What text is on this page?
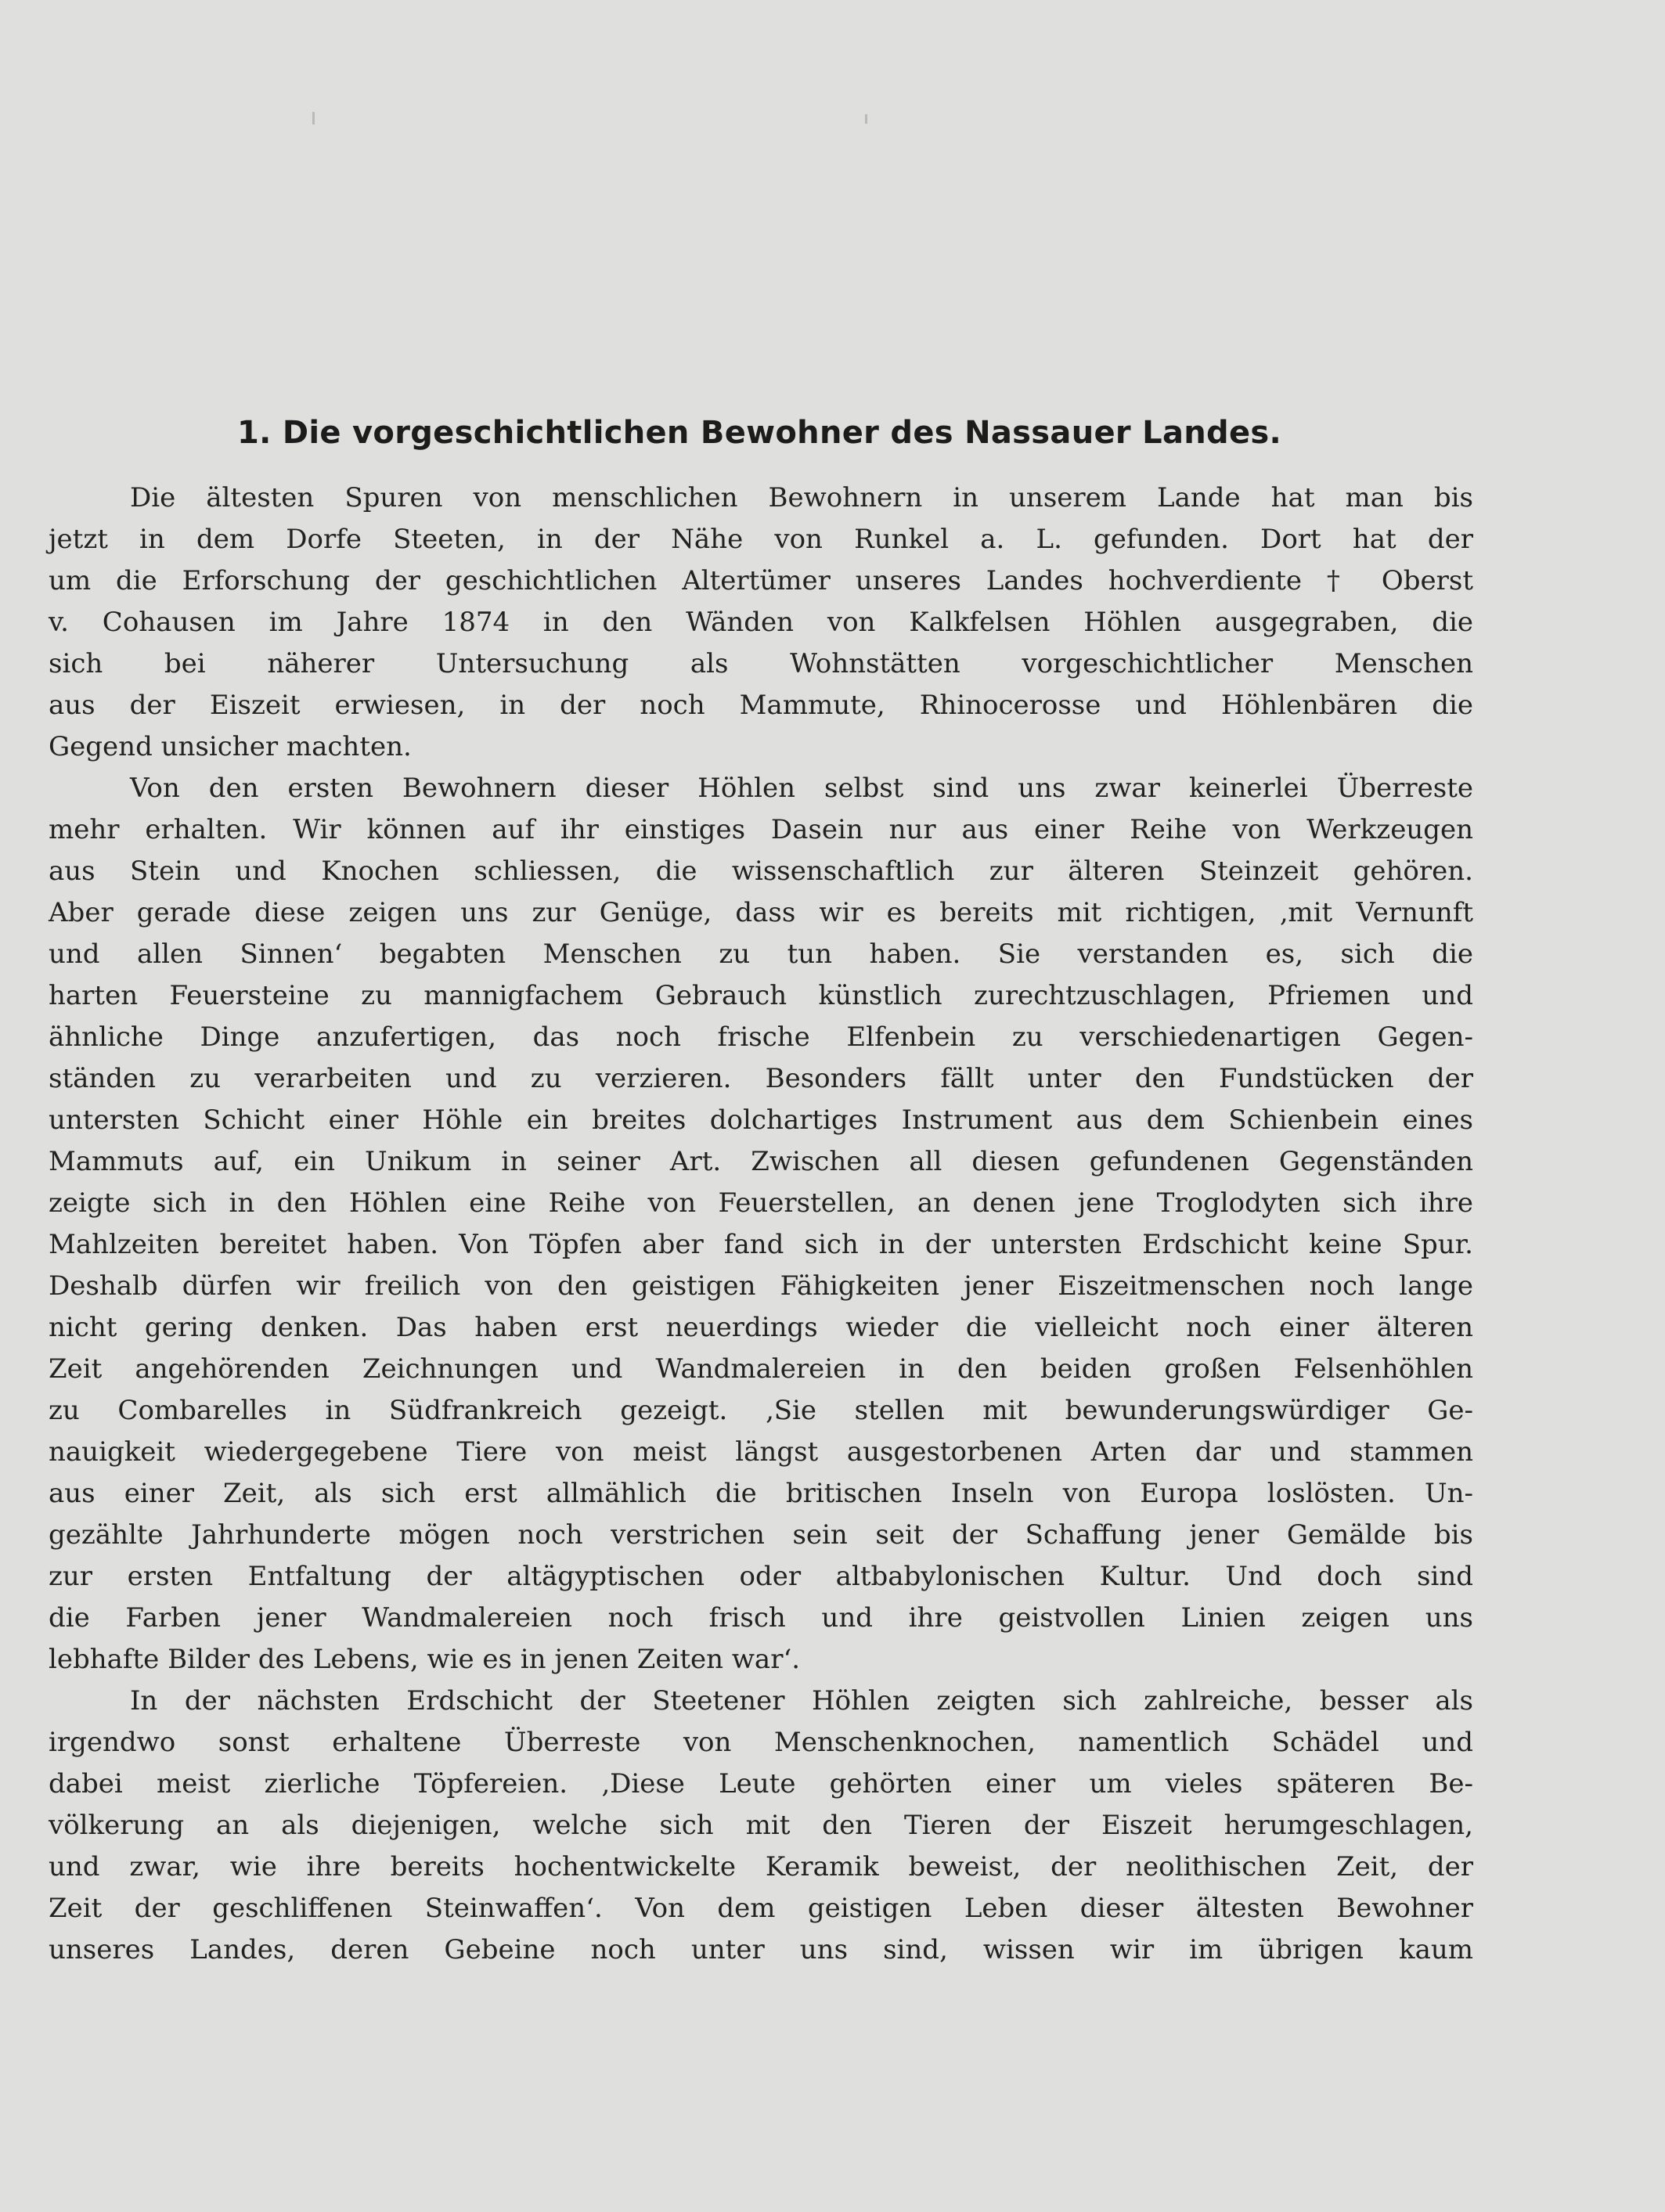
1. Die vorgeschichtlichen Bewohner des Nassauer Landes.
Die ältesten Spuren von menschlichen Bewohnern in unserem Lande hat man bis
jetzt in dem Dorfe Steeten, in der Nähe von Runkel a. L. gefunden. Dort hat der
um die Erforschung der geschichtlichen Altertümer unseres Landes hochverdiente † Oberst
v. Cohausen im Jahre 1874 in den Wänden von Kalkfelsen Höhlen ausgegraben, die
sich bei näherer Untersuchung als Wohnstätten vorgeschichtlicher Menschen
aus der Eiszeit erwiesen, in der noch Mammute, Rhinocerosse und Höhlenbären die
Gegend unsicher machten.
Von den ersten Bewohnern dieser Höhlen selbst sind uns zwar keinerlei Überreste
mehr erhalten. Wir können auf ihr einstiges Dasein nur aus einer Reihe von Werkzeugen
aus Stein und Knochen schliessen, die wissenschaftlich zur älteren Steinzeit gehören.
Aber gerade diese zeigen uns zur Genüge, dass wir es bereits mit richtigen, ‚mit Vernunft
und allen Sinnen‘ begabten Menschen zu tun haben. Sie verstanden es, sich die
harten Feuersteine zu mannigfachem Gebrauch künstlich zurechtzuschlagen, Pfriemen und
ähnliche Dinge anzufertigen, das noch frische Elfenbein zu verschiedenartigen Gegen-
ständen zu verarbeiten und zu verzieren. Besonders fällt unter den Fundstücken der
untersten Schicht einer Höhle ein breites dolchartiges Instrument aus dem Schienbein eines
Mammuts auf, ein Unikum in seiner Art. Zwischen all diesen gefundenen Gegenständen
zeigte sich in den Höhlen eine Reihe von Feuerstellen, an denen jene Troglodyten sich ihre
Mahlzeiten bereitet haben. Von Töpfen aber fand sich in der untersten Erdschicht keine Spur.
Deshalb dürfen wir freilich von den geistigen Fähigkeiten jener Eiszeitmenschen noch lange
nicht gering denken. Das haben erst neuerdings wieder die vielleicht noch einer älteren
Zeit angehörenden Zeichnungen und Wandmalereien in den beiden großen Felsenhöhlen
zu Combarelles in Südfrankreich gezeigt. ‚Sie stellen mit bewunderungswürdiger Ge-
nauigkeit wiedergegebene Tiere von meist längst ausgestorbenen Arten dar und stammen
aus einer Zeit, als sich erst allmählich die britischen Inseln von Europa loslösten. Un-
gezählte Jahrhunderte mögen noch verstrichen sein seit der Schaffung jener Gemälde bis
zur ersten Entfaltung der altägyptischen oder altbabylonischen Kultur. Und doch sind
die Farben jener Wandmalereien noch frisch und ihre geistvollen Linien zeigen uns
lebhafte Bilder des Lebens, wie es in jenen Zeiten war‘.
In der nächsten Erdschicht der Steetener Höhlen zeigten sich zahlreiche, besser als
irgendwo sonst erhaltene Überreste von Menschenknochen, namentlich Schädel und
dabei meist zierliche Töpfereien. ‚Diese Leute gehörten einer um vieles späteren Be-
völkerung an als diejenigen, welche sich mit den Tieren der Eiszeit herumgeschlagen,
und zwar, wie ihre bereits hochentwickelte Keramik beweist, der neolithischen Zeit, der
Zeit der geschliffenen Steinwaffen‘. Von dem geistigen Leben dieser ältesten Bewohner
unseres Landes, deren Gebeine noch unter uns sind, wissen wir im übrigen kaum
